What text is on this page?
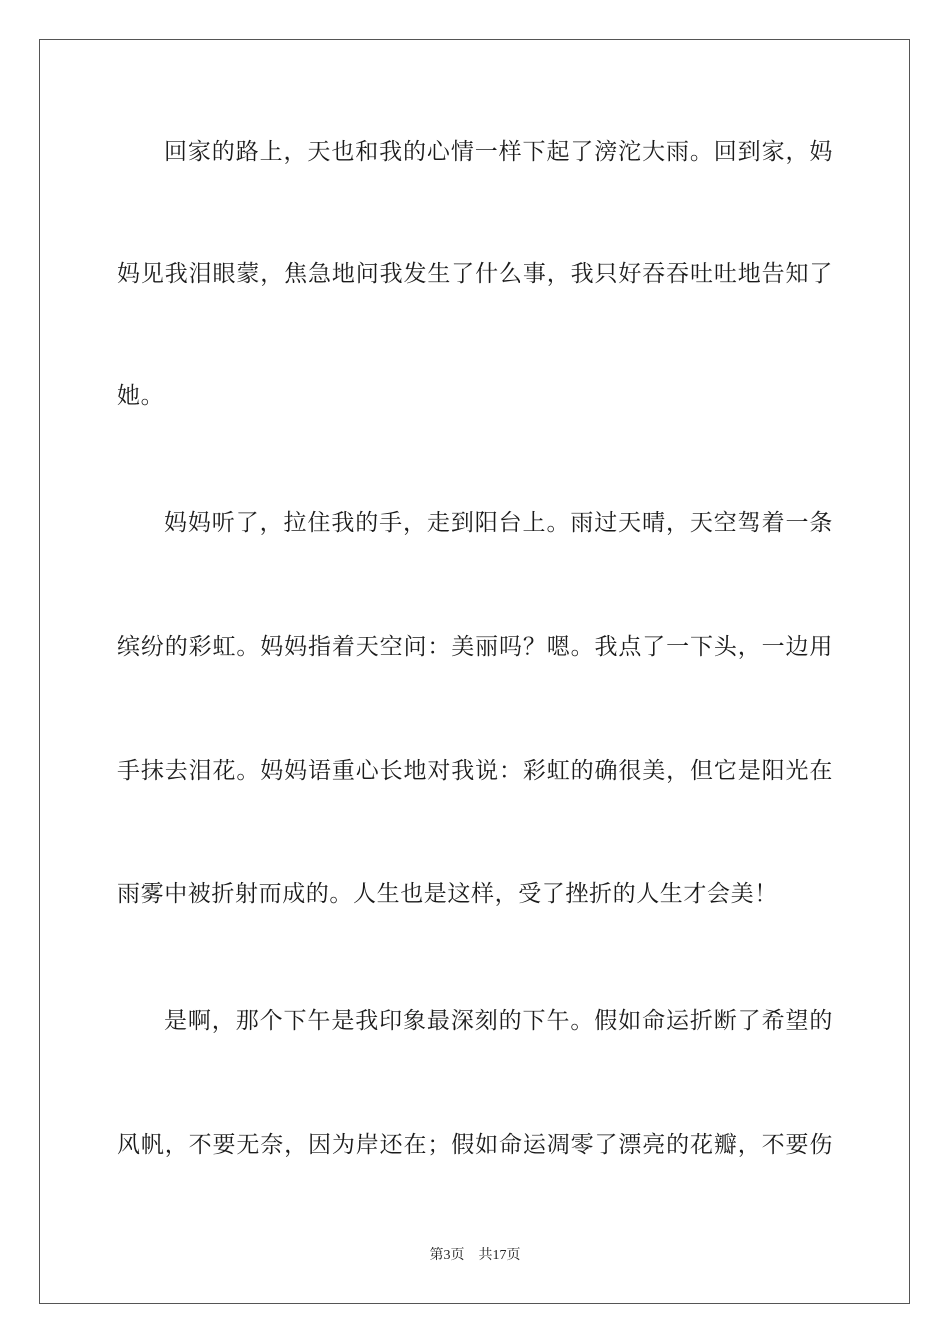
回家的路上，天也和我的心情一样下起了滂沱大雨。回到家，妈
妈见我泪眼蒙，焦急地问我发生了什么事，我只好吞吞吐吐地告知了
她。
妈妈听了，拉住我的手，走到阳台上。雨过天晴，天空驾着一条
缤纷的彩虹。妈妈指着天空问：美丽吗？嗯。我点了一下头，一边用
手抹去泪花。妈妈语重心长地对我说：彩虹的确很美，但它是阳光在
雨雾中被折射而成的。人生也是这样，受了挫折的人生才会美！
是啊，那个下午是我印象最深刻的下午。假如命运折断了希望的
风帆，不要无奈，因为岸还在；假如命运凋零了漂亮的花瓣，不要伤
第3页 共17页
